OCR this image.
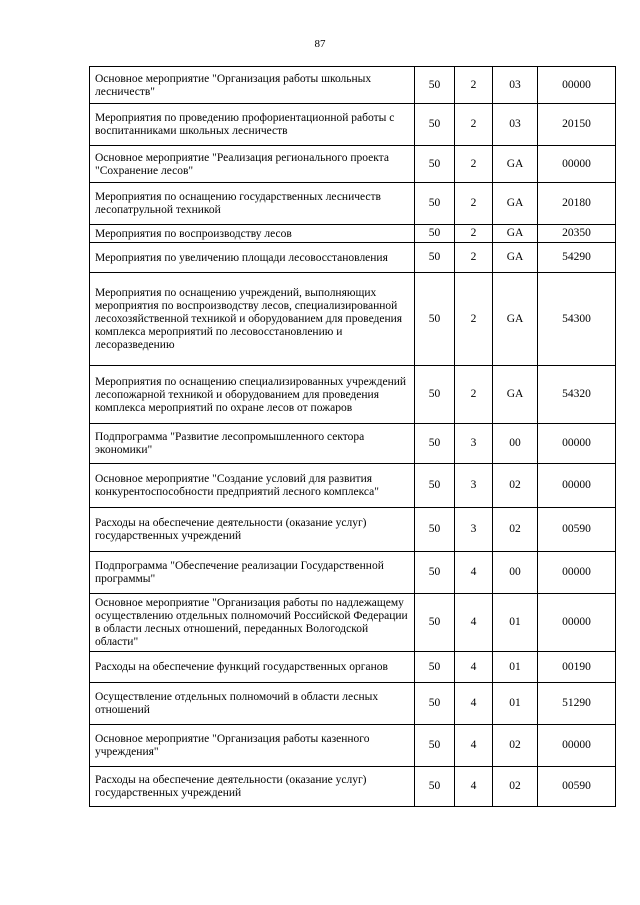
87
Основное мероприятие "Организация работы школьных лесничеств"	50	2	03	00000
Мероприятия по проведению профориентационной работы с воспитанниками школьных лесничеств	50	2	03	20150
Основное мероприятие "Реализация регионального проекта "Сохранение лесов"	50	2	GA	00000
Мероприятия по оснащению государственных лесничеств лесопатрульной техникой	50	2	GA	20180
Мероприятия по воспроизводству лесов	50	2	GA	20350
Мероприятия по увеличению площади лесовосстановления	50	2	GA	54290
Мероприятия по оснащению учреждений, выполняющих мероприятия по воспроизводству лесов, специализированной лесохозяйственной техникой и оборудованием для проведения комплекса мероприятий по лесовосстановлению и лесоразведению	50	2	GA	54300
Мероприятия по оснащению специализированных учреждений лесопожарной техникой и оборудованием для проведения комплекса мероприятий по охране лесов от пожаров	50	2	GA	54320
Подпрограмма "Развитие лесопромышленного сектора экономики"	50	3	00	00000
Основное мероприятие "Создание условий для развития конкурентоспособности предприятий лесного комплекса"	50	3	02	00000
Расходы на обеспечение деятельности (оказание услуг) государственных учреждений	50	3	02	00590
Подпрограмма "Обеспечение реализации Государственной программы"	50	4	00	00000
Основное мероприятие "Организация работы по надлежащему осуществлению отдельных полномочий Российской Федерации в области лесных отношений, переданных Вологодской области"	50	4	01	00000
Расходы на обеспечение функций государственных органов	50	4	01	00190
Осуществление отдельных полномочий в области лесных отношений	50	4	01	51290
Основное мероприятие "Организация работы казенного учреждения"	50	4	02	00000
Расходы на обеспечение деятельности (оказание услуг) государственных учреждений	50	4	02	00590
